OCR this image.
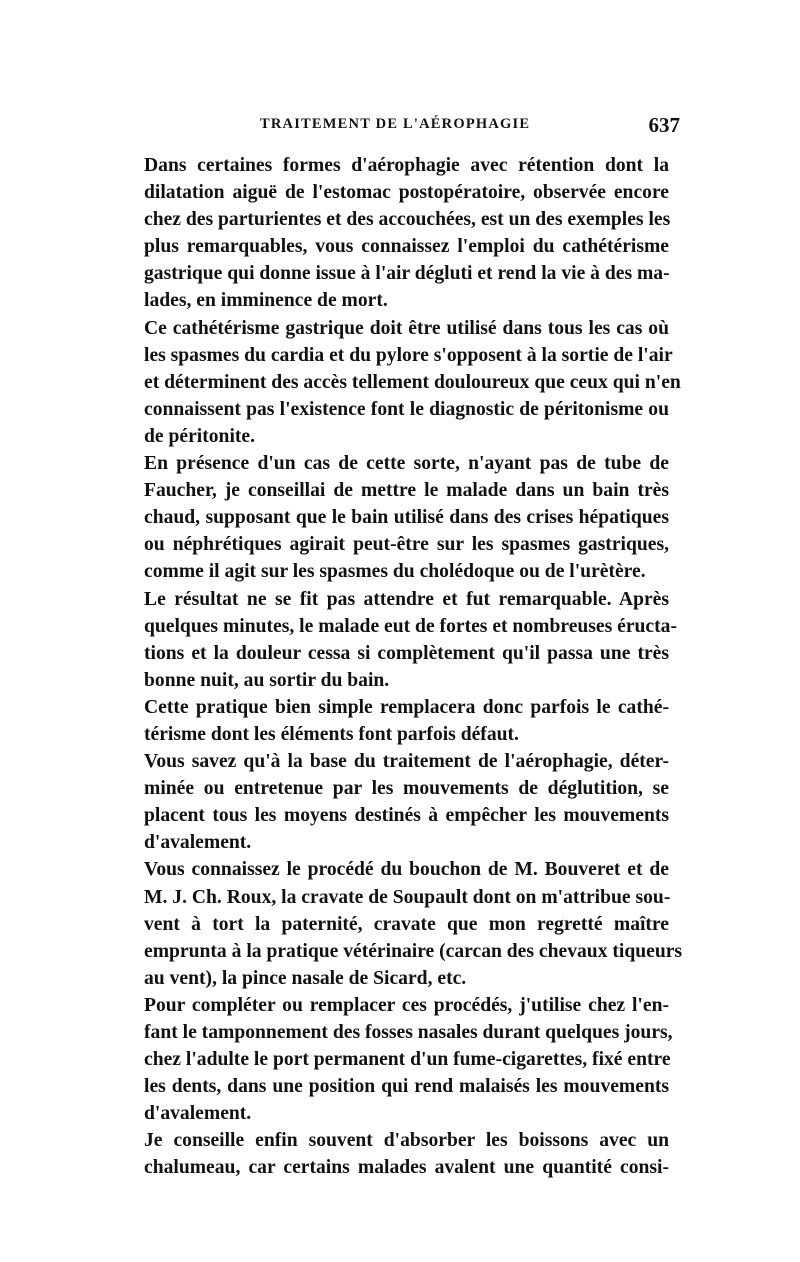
TRAITEMENT DE L'AÉROPHAGIE	637
Dans certaines formes d'aérophagie avec rétention dont la
dilatation aiguë de l'estomac postopératoire, observée encore
chez des parturientes et des accouchées, est un des exemples les
plus remarquables, vous connaissez l'emploi du cathétérisme
gastrique qui donne issue à l'air dégluti et rend la vie à des ma-
lades, en imminence de mort.
Ce cathétérisme gastrique doit être utilisé dans tous les cas où
les spasmes du cardia et du pylore s'opposent à la sortie de l'air
et déterminent des accès tellement douloureux que ceux qui n'en
connaissent pas l'existence font le diagnostic de péritonisme ou
de péritonite.
En présence d'un cas de cette sorte, n'ayant pas de tube de
Faucher, je conseillai de mettre le malade dans un bain très
chaud, supposant que le bain utilisé dans des crises hépatiques
ou néphrétiques agirait peut-être sur les spasmes gastriques,
comme il agit sur les spasmes du cholédoque ou de l'urètère.
Le résultat ne se fit pas attendre et fut remarquable. Après
quelques minutes, le malade eut de fortes et nombreuses éructa-
tions et la douleur cessa si complètement qu'il passa une très
bonne nuit, au sortir du bain.
Cette pratique bien simple remplacera donc parfois le cathé-
térisme dont les éléments font parfois défaut.
Vous savez qu'à la base du traitement de l'aérophagie, déter-
minée ou entretenue par les mouvements de déglutition, se
placent tous les moyens destinés à empêcher les mouvements
d'avalement.
Vous connaissez le procédé du bouchon de M. Bouveret et de
M. J. Ch. Roux, la cravate de Soupault dont on m'attribue sou-
vent à tort la paternité, cravate que mon regretté maître
emprunta à la pratique vétérinaire (carcan des chevaux tiqueurs
au vent), la pince nasale de Sicard, etc.
Pour compléter ou remplacer ces procédés, j'utilise chez l'en-
fant le tamponnement des fosses nasales durant quelques jours,
chez l'adulte le port permanent d'un fume-cigarettes, fixé entre
les dents, dans une position qui rend malaisés les mouvements
d'avalement.
Je conseille enfin souvent d'absorber les boissons avec un
chalumeau, car certains malades avalent une quantité consi-
